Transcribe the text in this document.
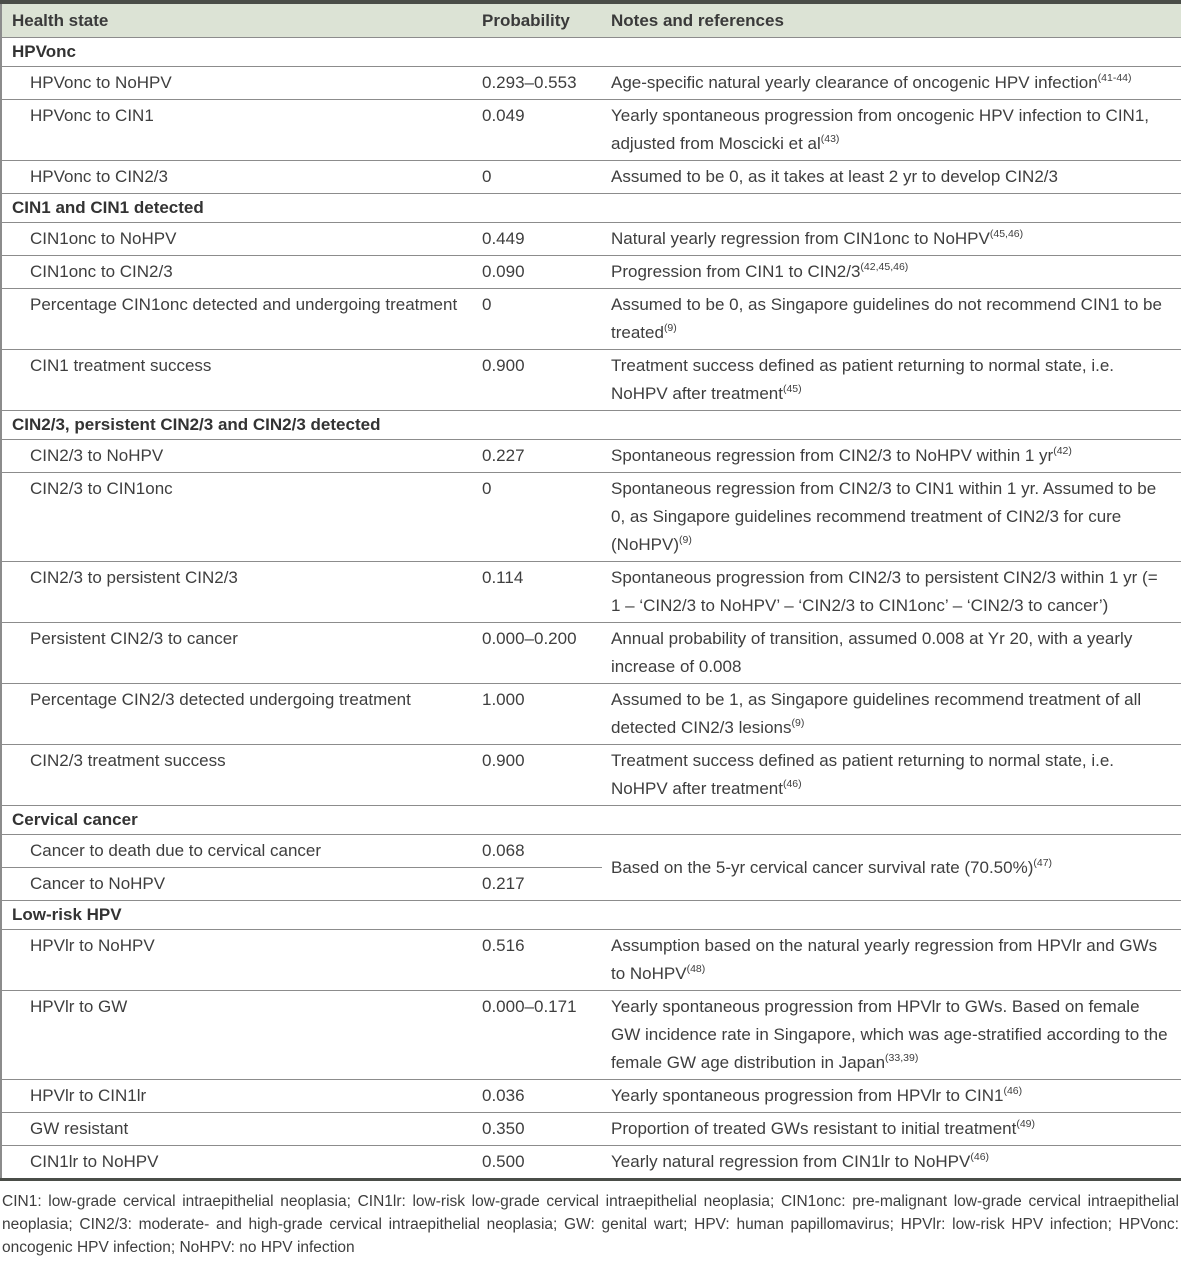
Health state	Probability	Notes and references
HPVonc		
HPVonc to NoHPV	0.293–0.553	Age-specific natural yearly clearance of oncogenic HPV infection$^{(41-44)}$
HPVonc to CIN1	0.049	Yearly spontaneous progression from oncogenic HPV infection to CIN1, adjusted from Moscicki et $al^{(43)}$
HPVonc to CIN2/3	0	Assumed to be 0, as it takes at least 2 yr to develop CIN2/3
CIN1 and CIN1 detected		
CIN1onc to NoHPV	0.449	Natural yearly regression from CIN1onc to NoHPV$^{(45,46)}$
CIN1onc to CIN2/3	0.090	Progression from CIN1 to CIN2/3$^{(42,45,46)}$
Percentage CIN1onc detected and undergoing treatment	0	Assumed to be 0, as Singapore guidelines do not recommend CIN1 to be treated$^{(9)}$
CIN1 treatment success	0.900	Treatment success defined as patient returning to normal state, i.e. NoHPV after treatment$^{(45)}$
CIN2/3, persistent CIN2/3 and CIN2/3 detected		
CIN2/3 to NoHPV	0.227	Spontaneous regression from CIN2/3 to NoHPV within 1 $yr^{(42)}$
CIN2/3 to CIN1onc	0	Spontaneous regression from CIN2/3 to CIN1 within 1 yr. Assumed to be 0, as Singapore guidelines recommend treatment of CIN2/3 for cure (NoHPV)$^{(9)}$
CIN2/3 to persistent CIN2/3	0.114	Spontaneous progression from CIN2/3 to persistent CIN2/3 within 1 yr (= 1 – ‘CIN2/3 to NoHPV’ – ‘CIN2/3 to CIN1onc’ – ‘CIN2/3 to cancer’)
Persistent CIN2/3 to cancer	0.000–0.200	Annual probability of transition, assumed 0.008 at Yr 20, with a yearly increase of 0.008
Percentage CIN2/3 detected undergoing treatment	1.000	Assumed to be 1, as Singapore guidelines recommend treatment of all detected CIN2/3 lesions$^{(9)}$
CIN2/3 treatment success	0.900	Treatment success defined as patient returning to normal state, i.e. NoHPV after treatment$^{(46)}$
Cervical cancer		
Cancer to death due to cervical cancer	0.068	Based on the 5-yr cervical cancer survival rate $(70.50\%)^{(47)}$
Cancer to NoHPV	0.217	
Low-risk HPV		
HPVlr to NoHPV	0.516	Assumption based on the natural yearly regression from HPVlr and GWs to NoHPV$^{(48)}$
HPVlr to GW	0.000–0.171	Yearly spontaneous progression from HPVlr to GWs. Based on female GW incidence rate in Singapore, which was age-stratified according to the female GW age distribution in Japan$^{(33,39)}$
HPVlr to CIN1lr	0.036	Yearly spontaneous progression from HPVlr to CIN1$^{(46)}$
GW resistant	0.350	Proportion of treated GWs resistant to initial treatment$^{(49)}$
CIN1lr to NoHPV	0.500	Yearly natural regression from CIN1lr to NoHPV$^{(46)}$
CIN1: low-grade cervical intraepithelial neoplasia; CIN1lr: low-risk low-grade cervical intraepithelial neoplasia; CIN1onc: pre-malignant low-grade cervical intraepithelial neoplasia; CIN2/3: moderate- and high-grade cervical intraepithelial neoplasia; GW: genital wart; HPV: human papillomavirus; HPVlr: low-risk HPV infection; HPVonc: oncogenic HPV infection; NoHPV: no HPV infection
